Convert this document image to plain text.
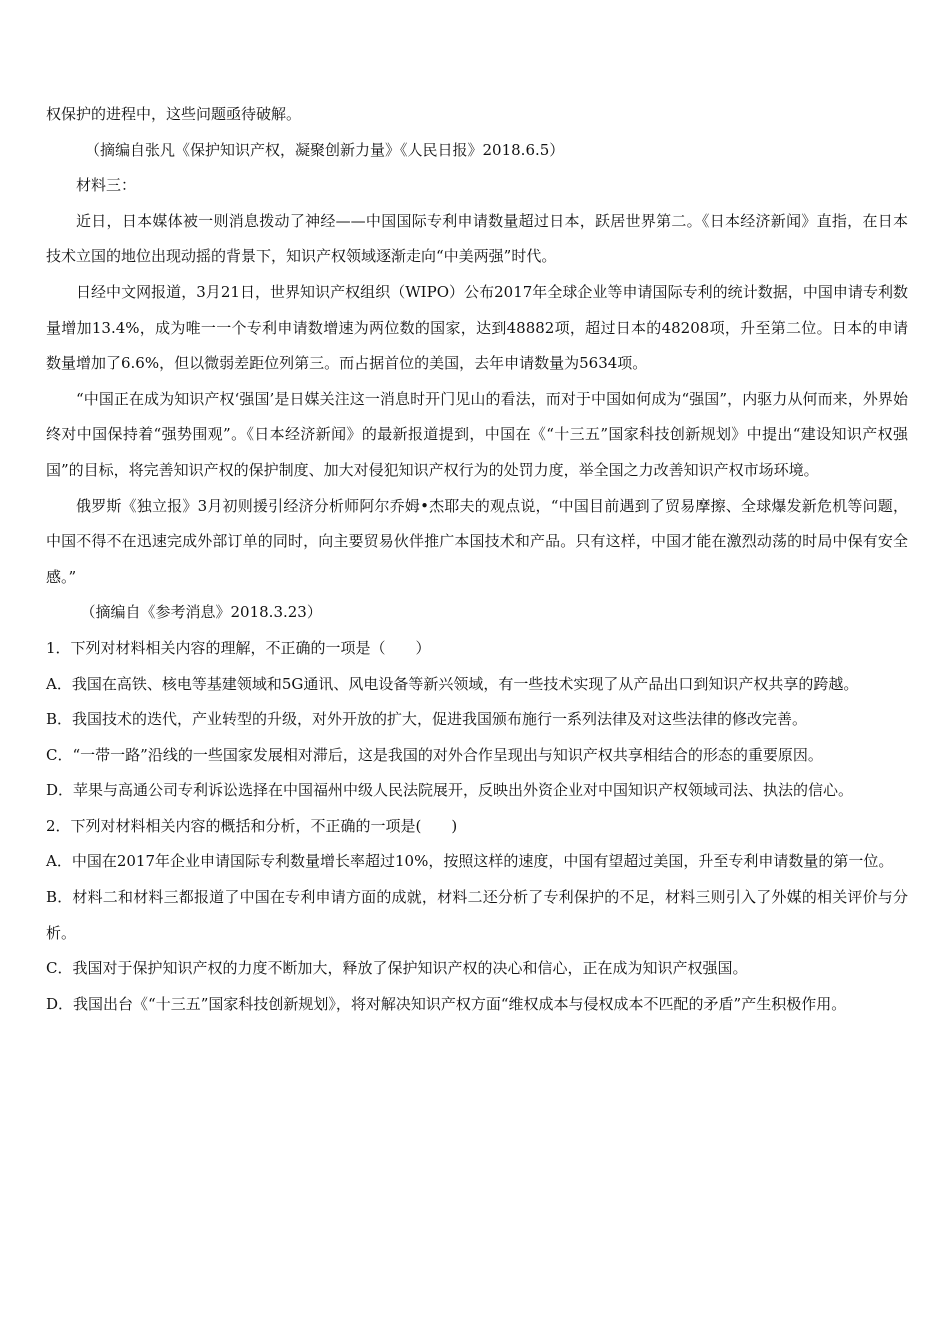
权保护的进程中，这些问题亟待破解。

（摘编自张凡《保护知识产权，凝聚创新力量》《人民日报》2018.6.5）

材料三：

近日，日本媒体被一则消息拨动了神经——中国国际专利申请数量超过日本，跃居世界第二。《日本经济新闻》直指，在日本技术立国的地位出现动摇的背景下，知识产权领域逐渐走向“中美两强”时代。

日经中文网报道，3月21日，世界知识产权组织（WIPO）公布2017年全球企业等申请国际专利的统计数据，中国申请专利数量增加13.4%，成为唯一一个专利申请数增速为两位数的国家，达到48882项，超过日本的48208项，升至第二位。日本的申请数量增加了6.6%，但以微弱差距位列第三。而占据首位的美国，去年申请数量为5634项。

“中国正在成为知识产权‘强国’是日媒关注这一消息时开门见山的看法，而对于中国如何成为“强国”，内驱力从何而来，外界始终对中国保持着“强势围观”。《日本经济新闻》的最新报道提到，中国在《“十三五”国家科技创新规划》中提出“建设知识产权强国”的目标，将完善知识产权的保护制度、加大对侵犯知识产权行为的处罚力度，举全国之力改善知识产权市场环境。

俄罗斯《独立报》3月初则援引经济分析师阿尔乔姆•杰耶夫的观点说，“中国目前遇到了贸易摩擦、全球爆发新危机等问题，中国不得不在迅速完成外部订单的同时，向主要贸易伙伴推广本国技术和产品。只有这样，中国才能在激烈动荡的时局中保有安全感。”

（摘编自《参考消息》2018.3.23）

1．下列对材料相关内容的理解，不正确的一项是（　　）

A．我国在高铁、核电等基建领域和5G通讯、风电设备等新兴领域，有一些技术实现了从产品出口到知识产权共享的跨越。

B．我国技术的迭代，产业转型的升级，对外开放的扩大，促进我国颁布施行一系列法律及对这些法律的修改完善。

C．“一带一路”沿线的一些国家发展相对滞后，这是我国的对外合作呈现出与知识产权共享相结合的形态的重要原因。

D．苹果与高通公司专利诉讼选择在中国福州中级人民法院展开，反映出外资企业对中国知识产权领域司法、执法的信心。

2．下列对材料相关内容的概括和分析，不正确的一项是(　　)

A．中国在2017年企业申请国际专利数量增长率超过10%，按照这样的速度，中国有望超过美国，升至专利申请数量的第一位。

B．材料二和材料三都报道了中国在专利申请方面的成就，材料二还分析了专利保护的不足，材料三则引入了外媒的相关评价与分析。

C．我国对于保护知识产权的力度不断加大，释放了保护知识产权的决心和信心，正在成为知识产权强国。

D．我国出台《“十三五”国家科技创新规划》，将对解决知识产权方面“维权成本与侵权成本不匹配的矛盾”产生积极作用。
